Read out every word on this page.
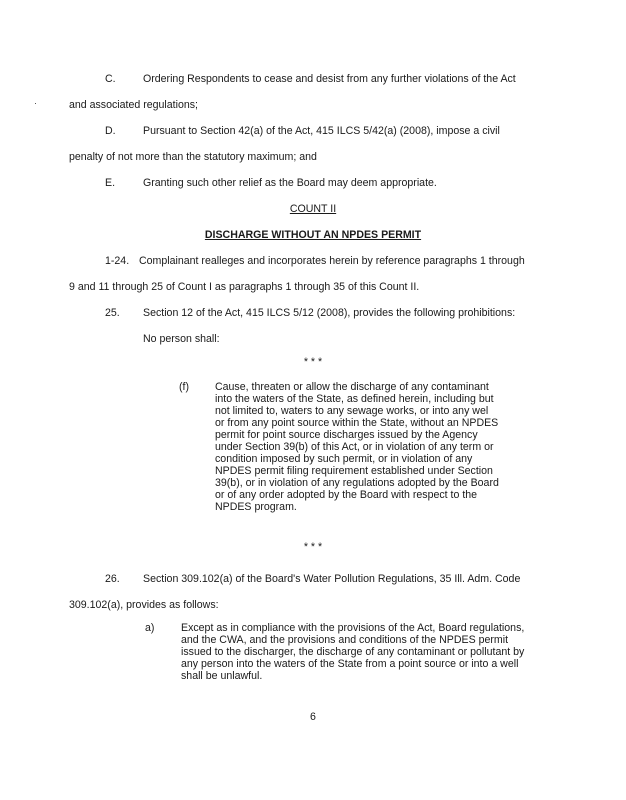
C.	Ordering Respondents to cease and desist from any further violations of the Act
and associated regulations;
D.	Pursuant to Section 42(a) of the Act, 415 ILCS 5/42(a) (2008), impose a civil
penalty of not more than the statutory maximum; and
E.	Granting such other relief as the Board may deem appropriate.
COUNT II
DISCHARGE WITHOUT AN NPDES PERMIT
1-24. Complainant realleges and incorporates herein by reference paragraphs 1 through
9 and 11 through 25 of Count I as paragraphs 1 through 35 of this Count II.
25. Section 12 of the Act, 415 ILCS 5/12 (2008), provides the following prohibitions:
No person shall:
* * *
(f) Cause, threaten or allow the discharge of any contaminant
into the waters of the State, as defined herein, including but
not limited to, waters to any sewage works, or into any wel
or from any point source within the State, without an NPDES
permit for point source discharges issued by the Agency
under Section 39(b) of this Act, or in violation of any term or
condition imposed by such permit, or in violation of any
NPDES permit filing requirement established under Section
39(b), or in violation of any regulations adopted by the Board
or of any order adopted by the Board with respect to the
NPDES program.
* * *
26. Section 309.102(a) of the Board's Water Pollution Regulations, 35 Ill. Adm. Code
309.102(a), provides as follows:
a)	Except as in compliance with the provisions of the Act, Board regulations,
and the CWA, and the provisions and conditions of the NPDES permit
issued to the discharger, the discharge of any contaminant or pollutant by
any person into the waters of the State from a point source or into a well
shall be unlawful.
6
